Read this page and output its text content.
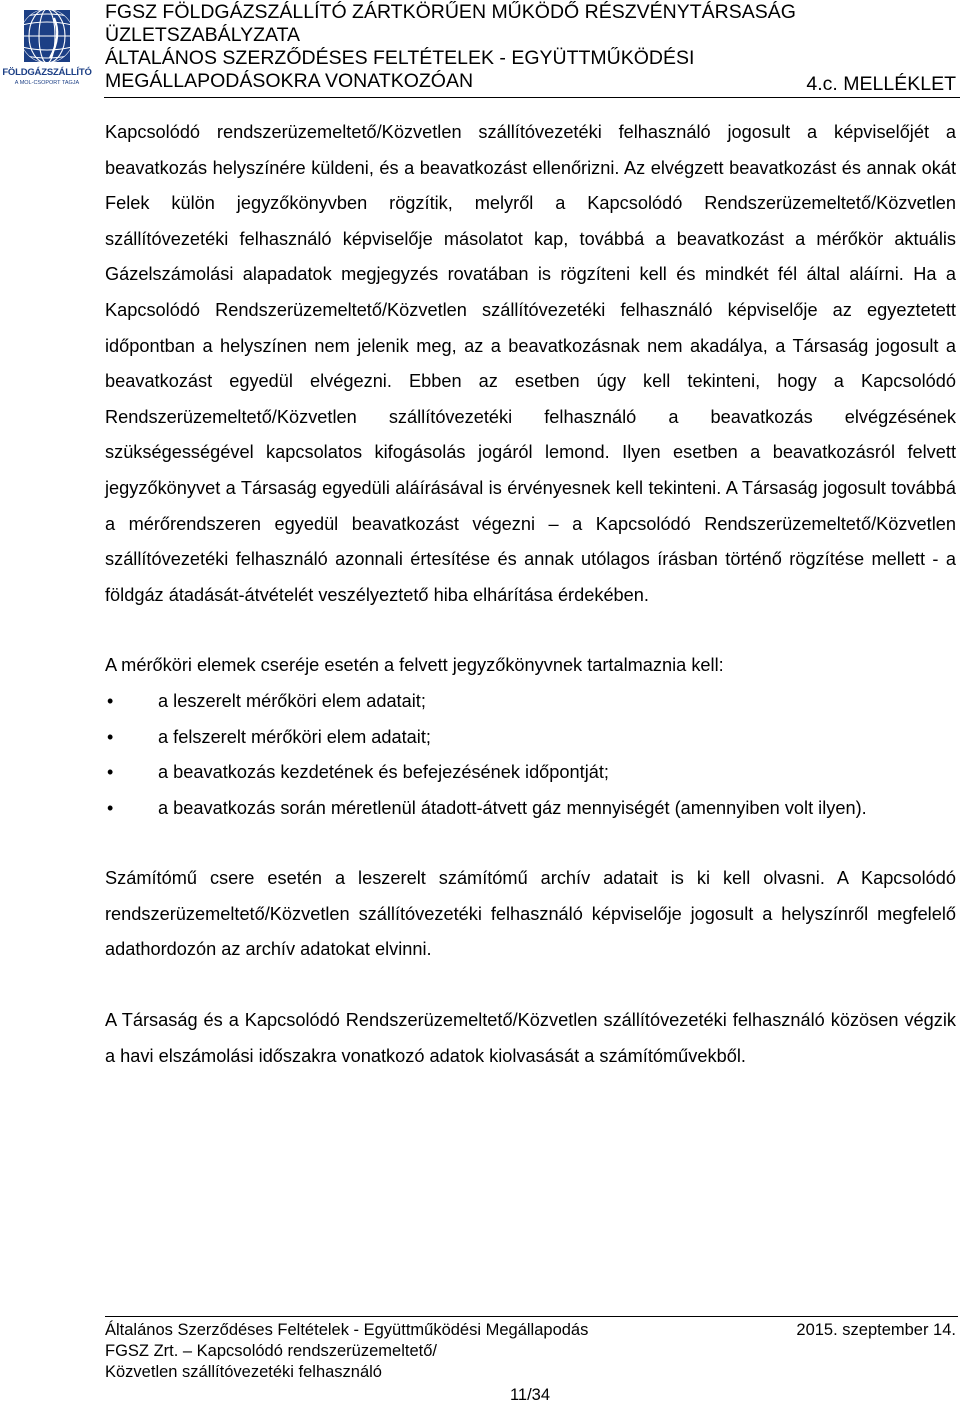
FÖLDGÁZSZÁLLÍTÓ
A MOL-CSOPORT TAGJA
FGSZ FÖLDGÁZSZÁLLÍTÓ ZÁRTKÖRŰEN MŰKÖDŐ RÉSZVÉNYTÁRSASÁG
ÜZLETSZABÁLYZATA
ÁLTALÁNOS SZERZŐDÉSES FELTÉTELEK - EGYÜTTMŰKÖDÉSI
MEGÁLLAPODÁSOKRA VONATKOZÓAN	4.c. MELLÉKLET

Kapcsolódó rendszerüzemeltető/Közvetlen szállítóvezetéki felhasználó jogosult a képviselőjét a beavatkozás helyszínére küldeni, és a beavatkozást ellenőrizni. Az elvégzett beavatkozást és annak okát Felek külön jegyzőkönyvben rögzítik, melyről a Kapcsolódó Rendszerüzemeltető/Közvetlen szállítóvezetéki felhasználó képviselője másolatot kap, továbbá a beavatkozást a mérőkör aktuális Gázelszámolási alapadatok megjegyzés rovatában is rögzíteni kell és mindkét fél által aláírni. Ha a Kapcsolódó Rendszerüzemeltető/Közvetlen szállítóvezetéki felhasználó képviselője az egyeztetett időpontban a helyszínen nem jelenik meg, az a beavatkozásnak nem akadálya, a Társaság jogosult a beavatkozást egyedül elvégezni. Ebben az esetben úgy kell tekinteni, hogy a Kapcsolódó Rendszerüzemeltető/Közvetlen szállítóvezetéki felhasználó a beavatkozás elvégzésének szükségességével kapcsolatos kifogásolás jogáról lemond. Ilyen esetben a beavatkozásról felvett jegyzőkönyvet a Társaság egyedüli aláírásával is érvényesnek kell tekinteni. A Társaság jogosult továbbá a mérőrendszeren egyedül beavatkozást végezni – a Kapcsolódó Rendszerüzemeltető/Közvetlen szállítóvezetéki felhasználó azonnali értesítése és annak utólagos írásban történő rögzítése mellett - a földgáz átadását-átvételét veszélyeztető hiba elhárítása érdekében.

A mérőköri elemek cseréje esetén a felvett jegyzőkönyvnek tartalmaznia kell:

• a leszerelt mérőköri elem adatait;
• a felszerelt mérőköri elem adatait;
• a beavatkozás kezdetének és befejezésének időpontját;
• a beavatkozás során méretlenül átadott-átvett gáz mennyiségét (amennyiben volt ilyen).

Számítómű csere esetén a leszerelt számítómű archív adatait is ki kell olvasni. A Kapcsolódó rendszerüzemeltető/Közvetlen szállítóvezetéki felhasználó képviselője jogosult a helyszínről megfelelő adathordozón az archív adatokat elvinni.

A Társaság és a Kapcsolódó Rendszerüzemeltető/Közvetlen szállítóvezetéki felhasználó közösen végzik a havi elszámolási időszakra vonatkozó adatok kiolvasását a számítóművekből.

Általános Szerződéses Feltételek - Együttműködési Megállapodás	2015. szeptember 14.
FGSZ Zrt. – Kapcsolódó rendszerüzemeltető/
Közvetlen szállítóvezetéki felhasználó
11/34
